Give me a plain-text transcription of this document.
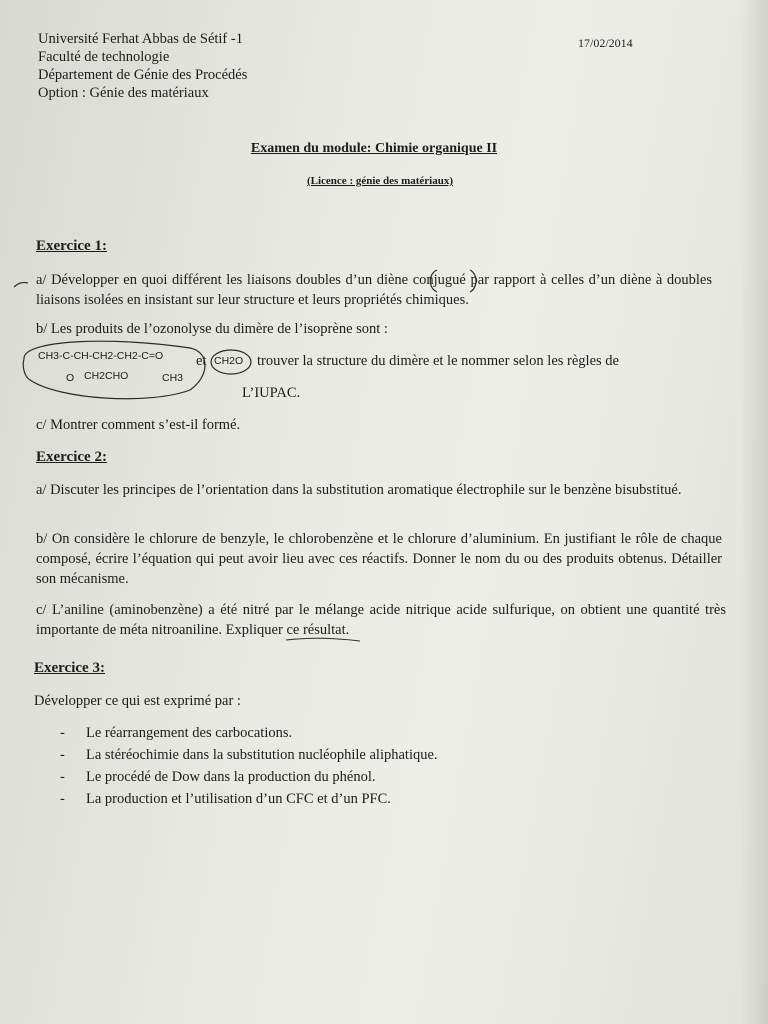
Université Ferhat Abbas de Sétif -1
Faculté de technologie
Département de Génie des Procédés
Option : Génie des matériaux
17/02/2014
Examen du module: Chimie organique II
(Licence : génie des matériaux)
Exercice 1:
a/ Développer en quoi différent les liaisons doubles d’un diène conjugué par rapport à celles d’un diène à doubles liaisons isolées en insistant sur leur structure et leurs propriétés chimiques.
b/ Les produits de l’ozonolyse du dimère de l’isoprène sont :
CH3-C-CH-CH2-CH2-C=O
O CH2CHO	CH3
et CH2O trouver la structure du dimère et le nommer selon les règles de
L’IUPAC.
c/ Montrer comment s’est-il formé.
Exercice 2:
a/ Discuter les principes de l’orientation dans la substitution aromatique électrophile sur le benzène bisubstitué.
b/ On considère le chlorure de benzyle, le chlorobenzène et le chlorure d’aluminium. En justifiant le rôle de chaque composé, écrire l’équation qui peut avoir lieu avec ces réactifs. Donner le nom du ou des produits obtenus. Détailler son mécanisme.
c/ L’aniline (aminobenzène) a été nitré par le mélange acide nitrique acide sulfurique, on obtient une quantité très importante de méta nitroaniline. Expliquer ce résultat.
Exercice 3:
Développer ce qui est exprimé par :
- Le réarrangement des carbocations.
- La stéréochimie dans la substitution nucléophile aliphatique.
- Le procédé de Dow dans la production du phénol.
- La production et l’utilisation d’un CFC et d’un PFC.
